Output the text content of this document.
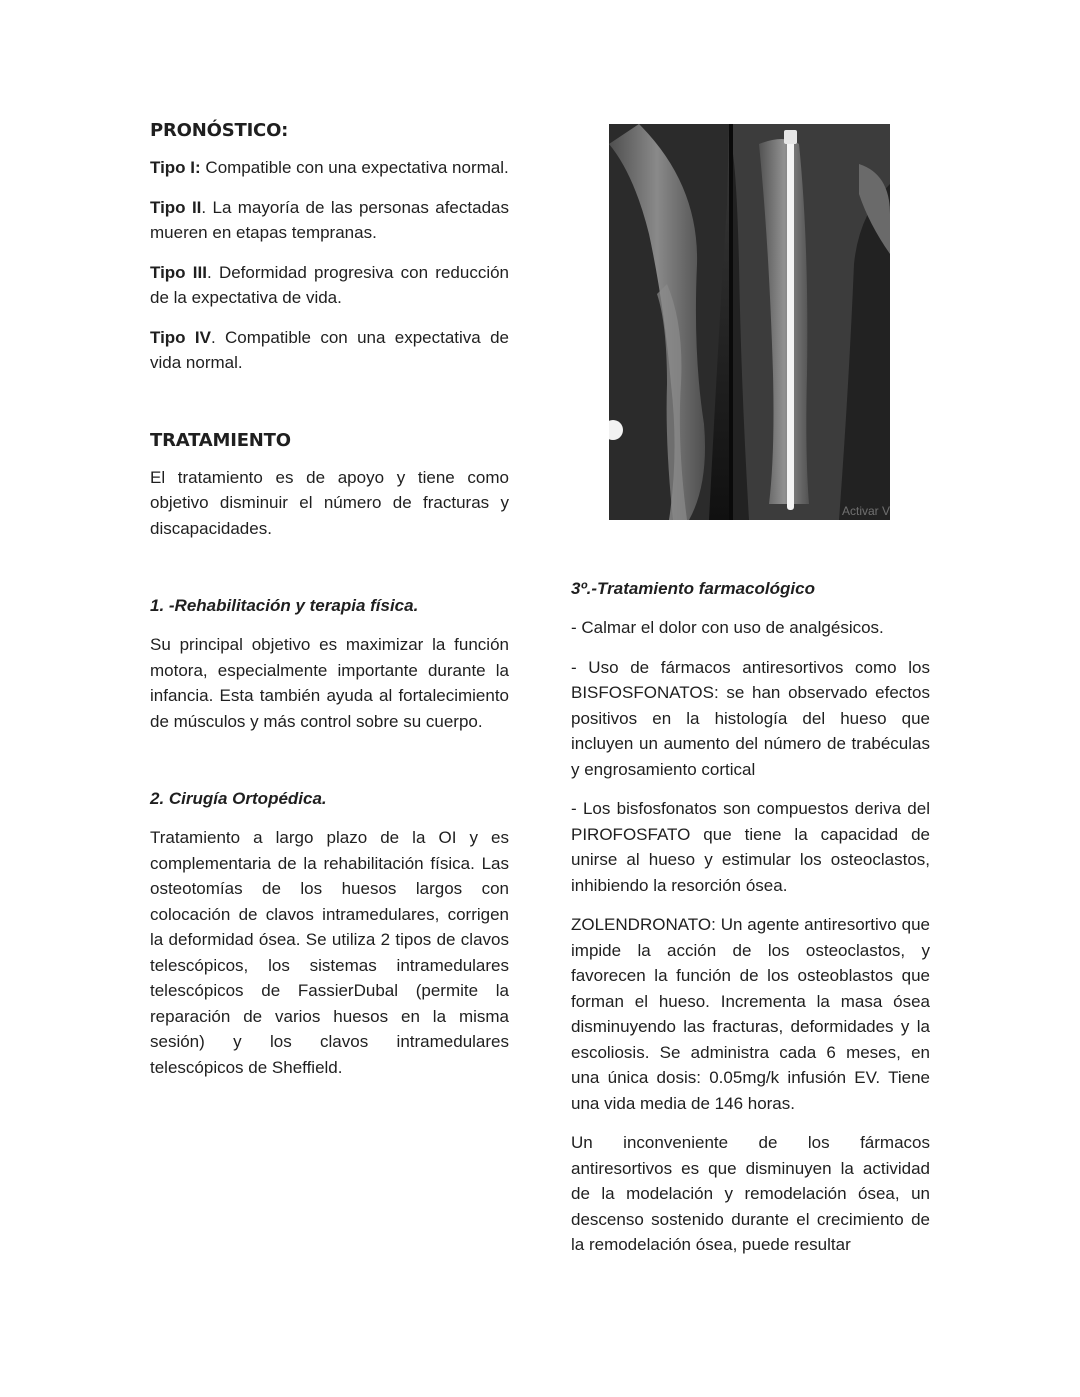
PRONÓSTICO:

Tipo I: Compatible con una expectativa normal.

Tipo II. La mayoría de las personas afectadas mueren en etapas tempranas.

Tipo III. Deformidad progresiva con reducción de la expectativa de vida.

Tipo IV. Compatible con una expectativa de vida normal.

TRATAMIENTO

El tratamiento es de apoyo y tiene como objetivo disminuir el número de fracturas y discapacidades.

1. -Rehabilitación y terapia física.

Su principal objetivo es maximizar la función motora, especialmente importante durante la infancia. Esta también ayuda al fortalecimiento de músculos y más control sobre su cuerpo.

2. Cirugía Ortopédica.

Tratamiento a largo plazo de la OI y es complementaria de la rehabilitación física. Las osteotomías de los huesos largos con colocación de clavos intramedulares, corrigen la deformidad ósea. Se utiliza 2 tipos de clavos telescópicos, los sistemas intramedulares telescópicos de FassierDubal (permite la reparación de varios huesos en la misma sesión) y los clavos intramedulares telescópicos de Sheffield.

Activar V
3º.-Tratamiento farmacológico

- Calmar el dolor con uso de analgésicos.

- Uso de fármacos antiresortivos como los BISFOSFONATOS: se han observado efectos positivos en la histología del hueso que incluyen un aumento del número de trabéculas y engrosamiento cortical

- Los bisfosfonatos son compuestos deriva del PIROFOSFATO que tiene la capacidad de unirse al hueso y estimular los osteoclastos, inhibiendo la resorción ósea.

ZOLENDRONATO: Un agente antiresortivo que impide la acción de los osteoclastos, y favorecen la función de los osteoblastos que forman el hueso. Incrementa la masa ósea disminuyendo las fracturas, deformidades y la escoliosis. Se administra cada 6 meses, en una única dosis: 0.05mg/k infusión EV. Tiene una vida media de 146 horas.

Un inconveniente de los fármacos antiresortivos es que disminuyen la actividad de la modelación y remodelación ósea, un descenso sostenido durante el crecimiento de la remodelación ósea, puede resultar
